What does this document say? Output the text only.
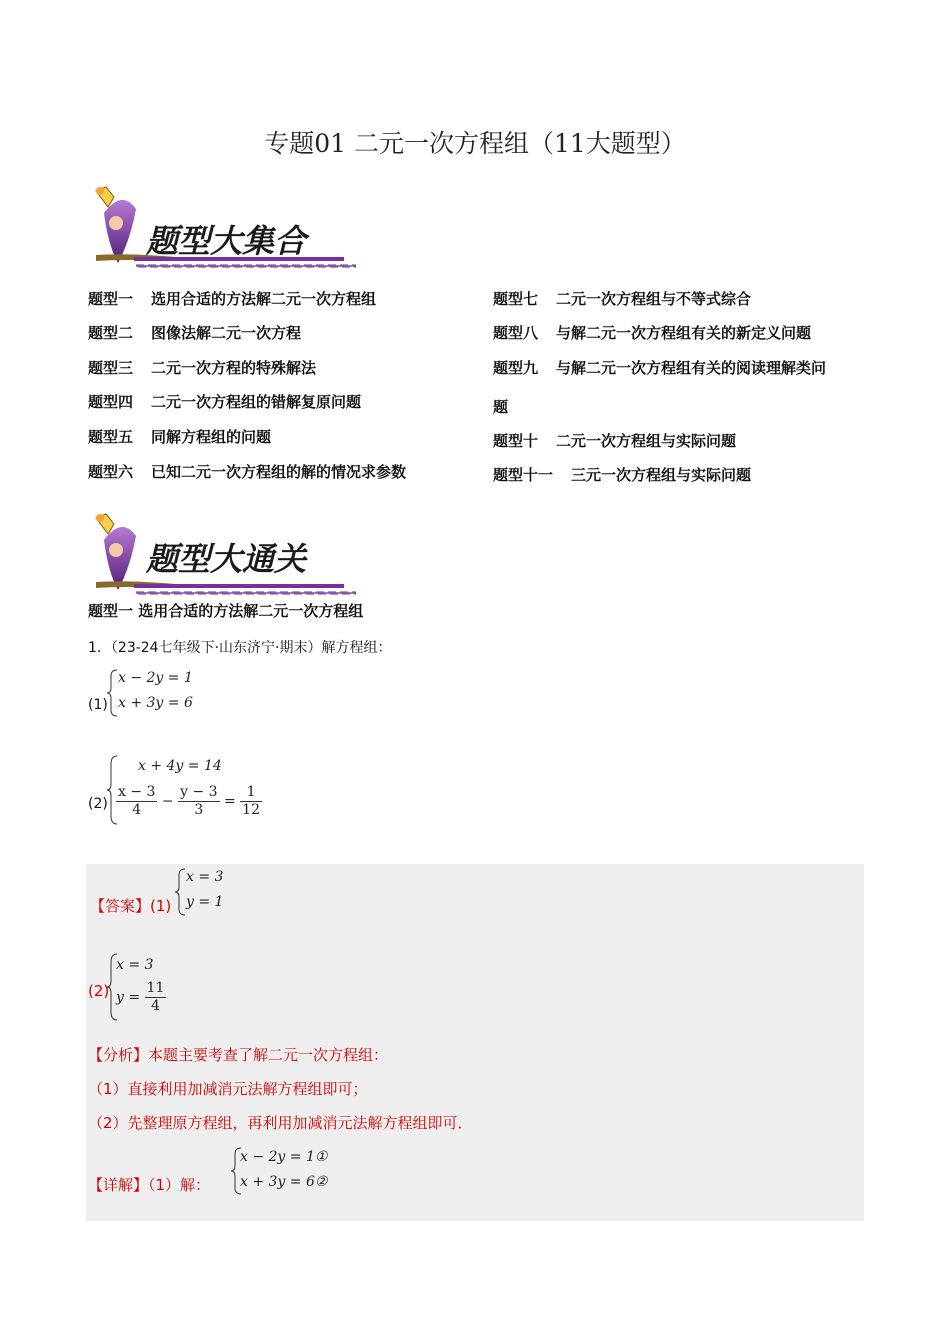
专题01 二元一次方程组（11大题型）
题型大集合
题型一 选用合适的方法解二元一次方程组
题型二 图像法解二元一次方程
题型三 二元一次方程的特殊解法
题型四 二元一次方程组的错解复原问题
题型五 同解方程组的问题
题型六 已知二元一次方程组的解的情况求参数
题型七 二元一次方程组与不等式综合
题型八 与解二元一次方程组有关的新定义问题
题型九 与解二元一次方程组有关的阅读理解类问
题
题型十 二元一次方程组与实际问题
题型十一 三元一次方程组与实际问题
题型大通关
题型一 选用合适的方法解二元一次方程组
1．（23-24七年级下·山东济宁·期末）解方程组：
(1)
x − 2y = 1
x + 3y = 6
(2)
x + 4y = 14
$\frac{x - 3}{4} - \frac{y - 3}{3} = \frac{1}{12}$
【答案】(1)
x = 3
y = 1
(2)
x = 3
$y = \frac{11}{4}$
【分析】本题主要考查了解二元一次方程组：
（1）直接利用加减消元法解方程组即可；
（2）先整理原方程组，再利用加减消元法解方程组即可．
【详解】（1）解：
x − 2y = 1①
x + 3y = 6②
